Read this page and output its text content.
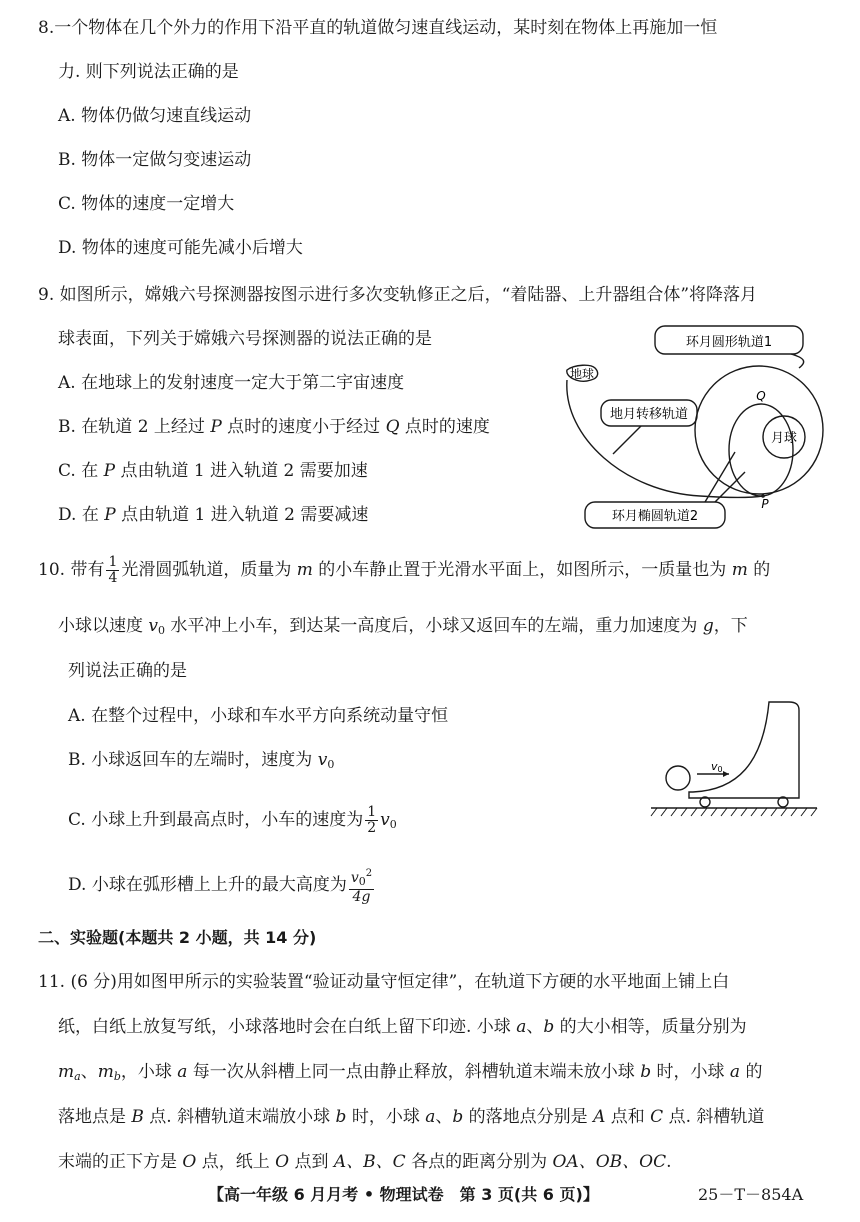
8.一个物体在几个外力的作用下沿平直的轨道做匀速直线运动，某时刻在物体上再施加一恒
力. 则下列说法正确的是
A. 物体仍做匀速直线运动
B. 物体一定做匀变速运动
C. 物体的速度一定增大
D. 物体的速度可能先减小后增大
9. 如图所示，嫦娥六号探测器按图示进行多次变轨修正之后，“着陆器、上升器组合体”将降落月
球表面，下列关于嫦娥六号探测器的说法正确的是
A. 在地球上的发射速度一定大于第二宇宙速度
B. 在轨道 2 上经过 P 点时的速度小于经过 Q 点时的速度
C. 在 P 点由轨道 1 进入轨道 2 需要加速
D. 在 P 点由轨道 1 进入轨道 2 需要减速
环月圆形轨道1
地球
地月转移轨道
月球
环月椭圆轨道2
Q
P
10. 带有 $\frac{1}{4}$ 光滑圆弧轨道，质量为 m 的小车静止置于光滑水平面上，如图所示，一质量也为 m 的
小球以速度 $v_0$ 水平冲上小车，到达某一高度后，小球又返回车的左端，重力加速度为 g，下
列说法正确的是
A. 在整个过程中，小球和车水平方向系统动量守恒
B. 小球返回车的左端时，速度为 $v_0$
C. 小球上升到最高点时，小车的速度为 $\frac{1}{2} v_0$
D. 小球在弧形槽上上升的最大高度为 $\frac{v_0^2}{4g}$
v0
二、实验题(本题共 2 小题，共 14 分)
11. (6 分)用如图甲所示的实验装置“验证动量守恒定律”，在轨道下方硬的水平地面上铺上白
纸，白纸上放复写纸，小球落地时会在白纸上留下印迹. 小球 a、b 的大小相等，质量分别为
$m_a$、$m_b$，小球 a 每一次从斜槽上同一点由静止释放，斜槽轨道末端未放小球 b 时，小球 a 的
落地点是 B 点. 斜槽轨道末端放小球 b 时，小球 a、b 的落地点分别是 A 点和 C 点. 斜槽轨道
末端的正下方是 O 点，纸上 O 点到 A、B、C 各点的距离分别为 OA、OB、OC.
【高一年级 6 月月考 • 物理试卷　第 3 页(共 6 页)】	25－T－854A
